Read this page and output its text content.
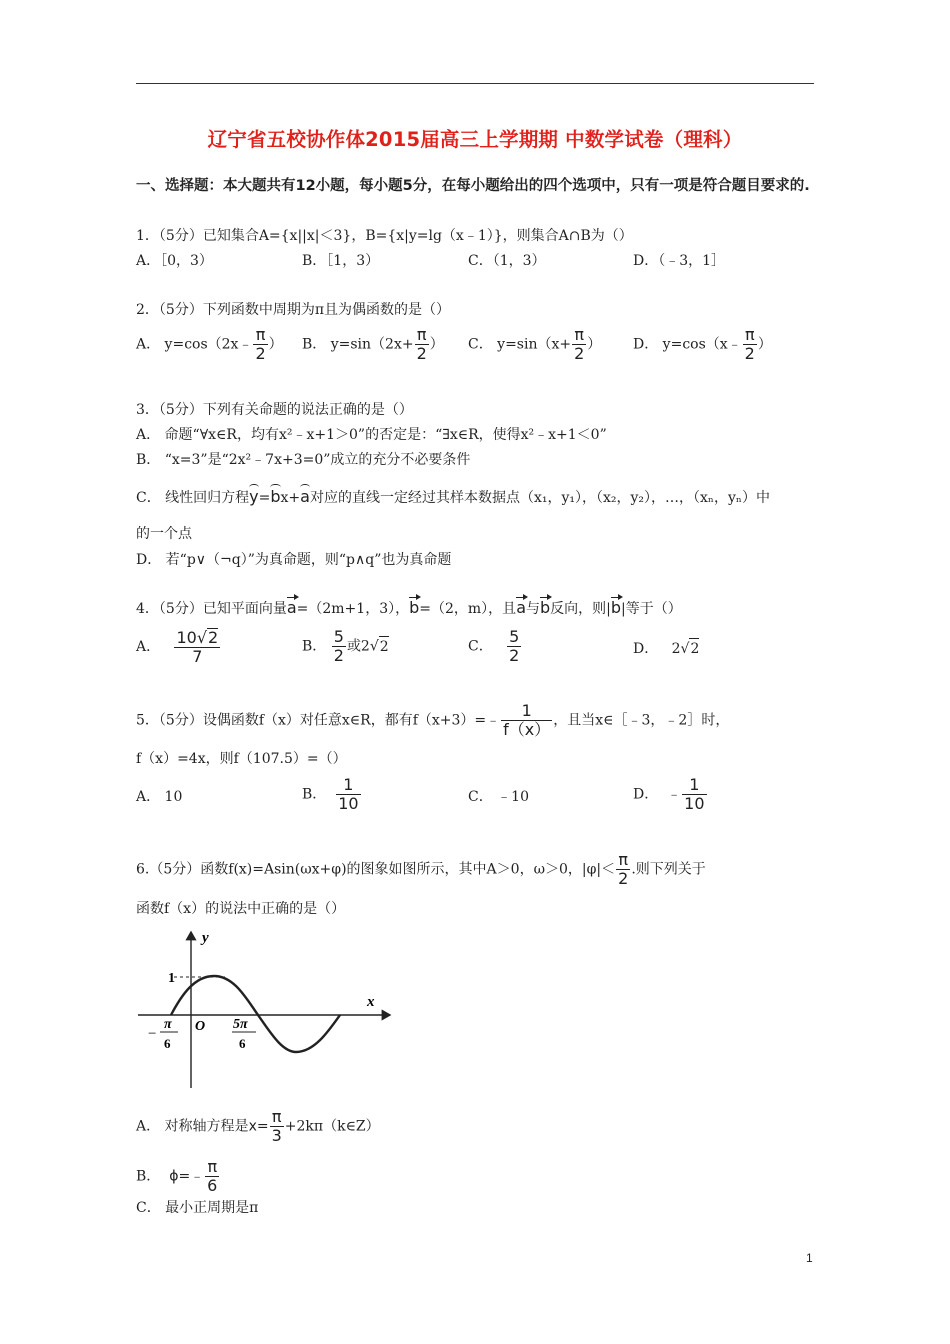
辽宁省五校协作体2015届高三上学期期 中数学试卷（理科）
一、选择题：本大题共有12小题，每小题5分，在每小题给出的四个选项中，只有一项是符合题目要求的.
1．（5分）已知集合A={x||x|＜3}，B={x|y=lg（x﹣1）}，则集合A∩B为（）
A．［0，3）	B．［1，3）	C．（1，3）	D．（﹣3，1］
2．（5分）下列函数中周期为π且为偶函数的是（）
A． y=cos（2x﹣ $\frac{\pi}{2}$ ） B． $y=\sin(2x+ \frac{\pi}{2}$ ） C． $y=\sin(x+ \frac{\pi}{2}$ ） D． y=cos（x﹣ $\frac{\pi}{2}$ ）
3．（5分）下列有关命题的说法正确的是（）
A． 命题“∀x∈R，均有x²﹣x+1＞0”的否定是：“∃x∈R，使得x²﹣x+1＜0”
B． “x=3”是“2x²﹣7x+3=0”成立的充分不必要条件
C． 线性回归方程y=bx+a对应的直线一定经过其样本数据点（x₁，y₁），（x₂，y₂），…，（xₙ，yₙ）中
的一个点
D． 若“p∨（¬q）”为真命题，则“p∧q”也为真命题
4．（5分）已知平面向量a=（2m+1，3），b=（2，m），且a与b反向，则|b|等于（）
A． $\frac{10√2}{7}$	B． $\frac{5}{2}$ 或2√2	C． $\frac{5}{2}$	D． 2√2
5．（5分）设偶函数f（x）对任意x∈R，都有f（x+3）=﹣ $\frac{1}{f(x)}$ ，且当x∈［﹣3，﹣2］时，
f（x）=4x，则f（107.5）=（）
A． 10	B． $\frac{1}{10}$	C． ﹣10	D． ﹣ $\frac{1}{10}$
6.（5分）函数f(x)=Asin(ωx+φ)的图象如图所示，其中A＞0，ω＞0，$|\varphi|< \frac{\pi}{2}$ .则下列关于
函数f（x）的说法中正确的是（）
y
x
1
O
−
π
6
5π
6
A． 对称轴方程是$x= \frac{\pi}{3}$ +2kπ（k∈Z）
B． ϕ=﹣ $\frac{\pi}{6}$
C． 最小正周期是π
1
